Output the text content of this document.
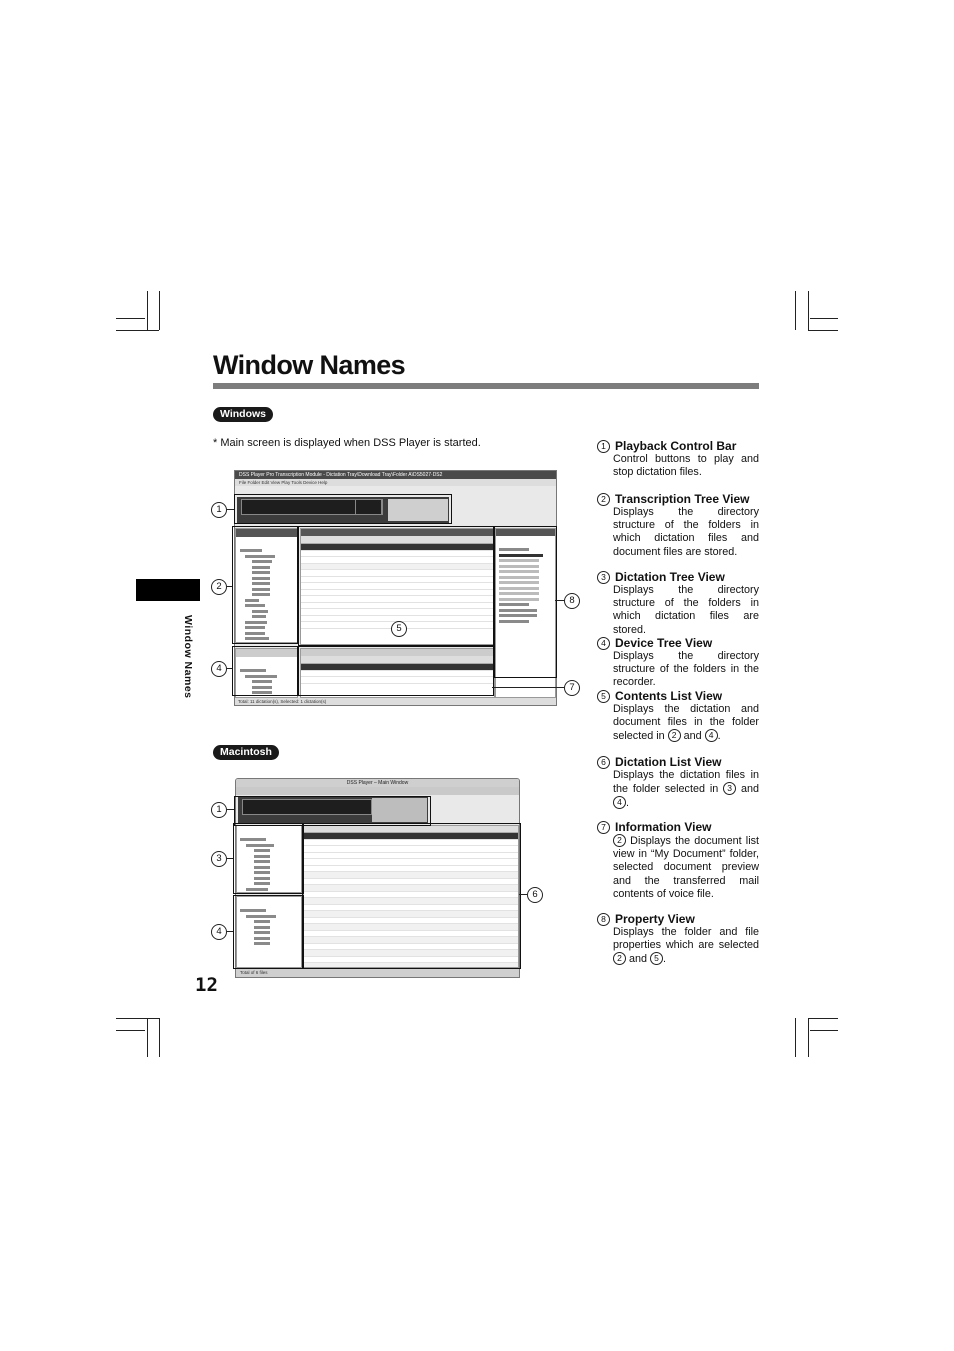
Window Names
Windows
* Main screen is displayed when DSS Player is started.
Window Names
DSS Player Pro Transcription Module - Dictation Tray\Download Tray\Folder A\DS5027·DS2
File Folder Edit View Play Tools Device Help
Total: 11 dictation(s), Selected: 1 dictation(s)
1
2
4
5
8
7
Macintosh
DSS Player – Main Window
Total of 6 files
1
3
4
6
12
1 Playback Control Bar
Control buttons to play and stop dictation files.
2 Transcription Tree View
Displays the directory structure of the folders in which dictation files and document files are stored.
3 Dictation Tree View
Displays the directory structure of the folders in which dictation files are stored.
4 Device Tree View
Displays the directory structure of the folders in the recorder.
5 Contents List View
Displays the dictation and document files in the folder selected in 2 and 4 .
6 Dictation List View
Displays the dictation files in the folder selected in 3 and 4 .
7 Information View
2 Displays the document list view in “My Document” folder, selected document preview and the transferred mail contents of voice file.
8 Property View
Displays the folder and file properties which are selected 2 and 5 .
